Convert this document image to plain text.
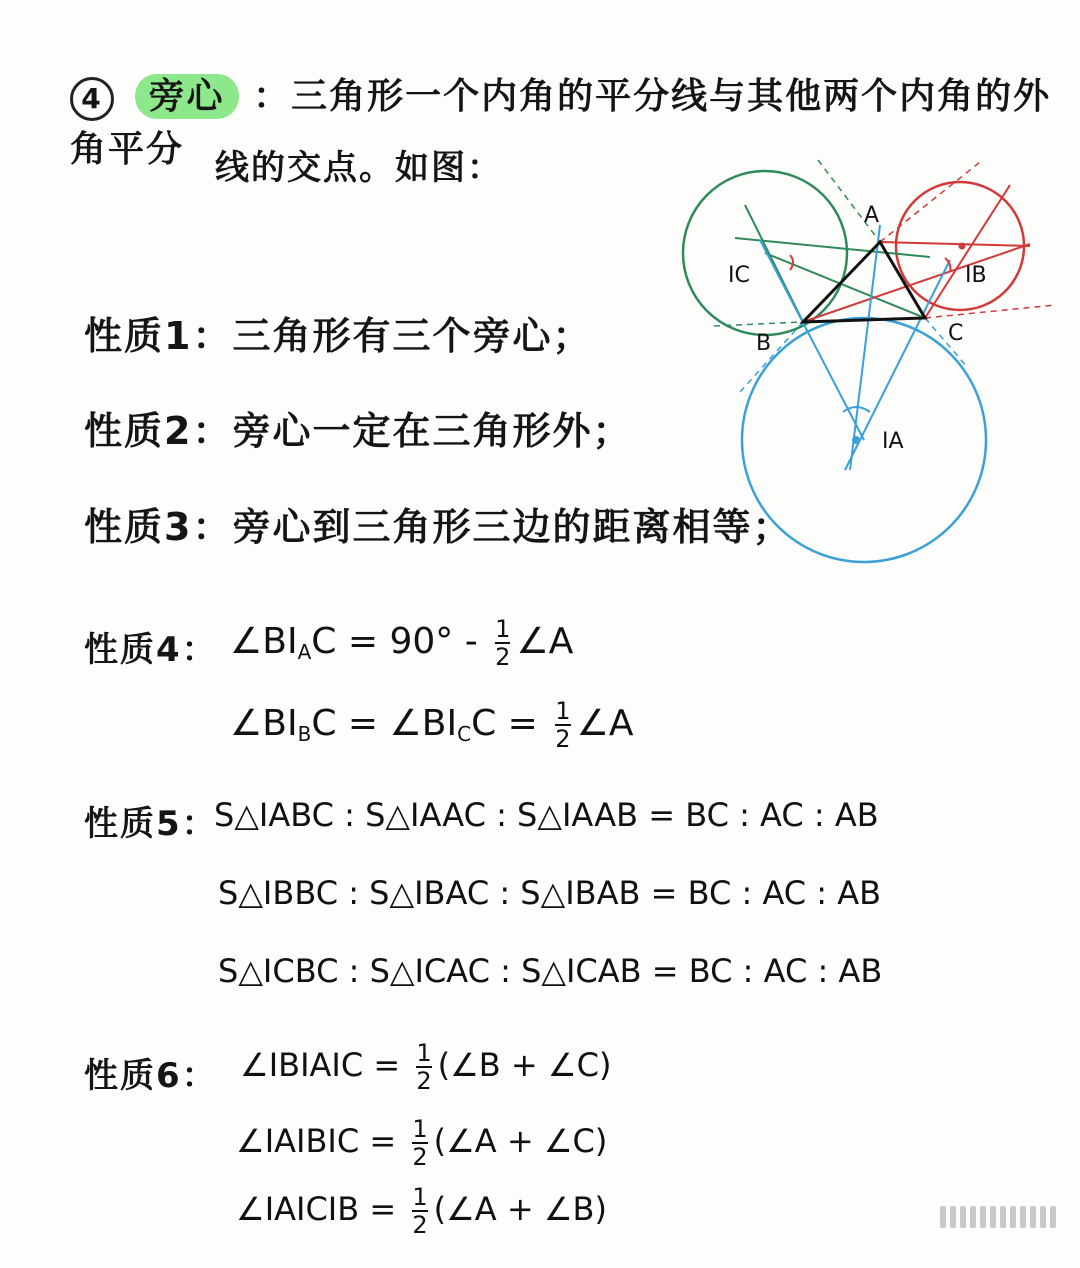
4 旁心 ：三角形一个内角的平分线与其他两个内角的外角平分 线的交点。如图：
A
B	C
IC	IB
IA
性质1：三角形有三个旁心；
性质2：旁心一定在三角形外；
性质3：旁心到三角形三边的距离相等；
性质4： $\angle BI_AC = 90^\circ - \frac{1}{2}$ ∠A
$\angle BI_BC$ = $\angle BI_CC = \frac{1}{2}$ ∠A
性质5：
S△IABC : S△IAAC : S△IAAB = BC : AC : AB
S△IBBC : S△IBAC : S△IBAB = BC : AC : AB
S△ICBC : S△ICAC : S△ICAB = BC : AC : AB
性质6： ∠IBIAIC = $\frac{1}{2}$ (∠B + ∠C)
∠IAIBIC = $\frac{1}{2}$ (∠A + ∠C)
∠IAICIB = $\frac{1}{2}$ (∠A + ∠B)
